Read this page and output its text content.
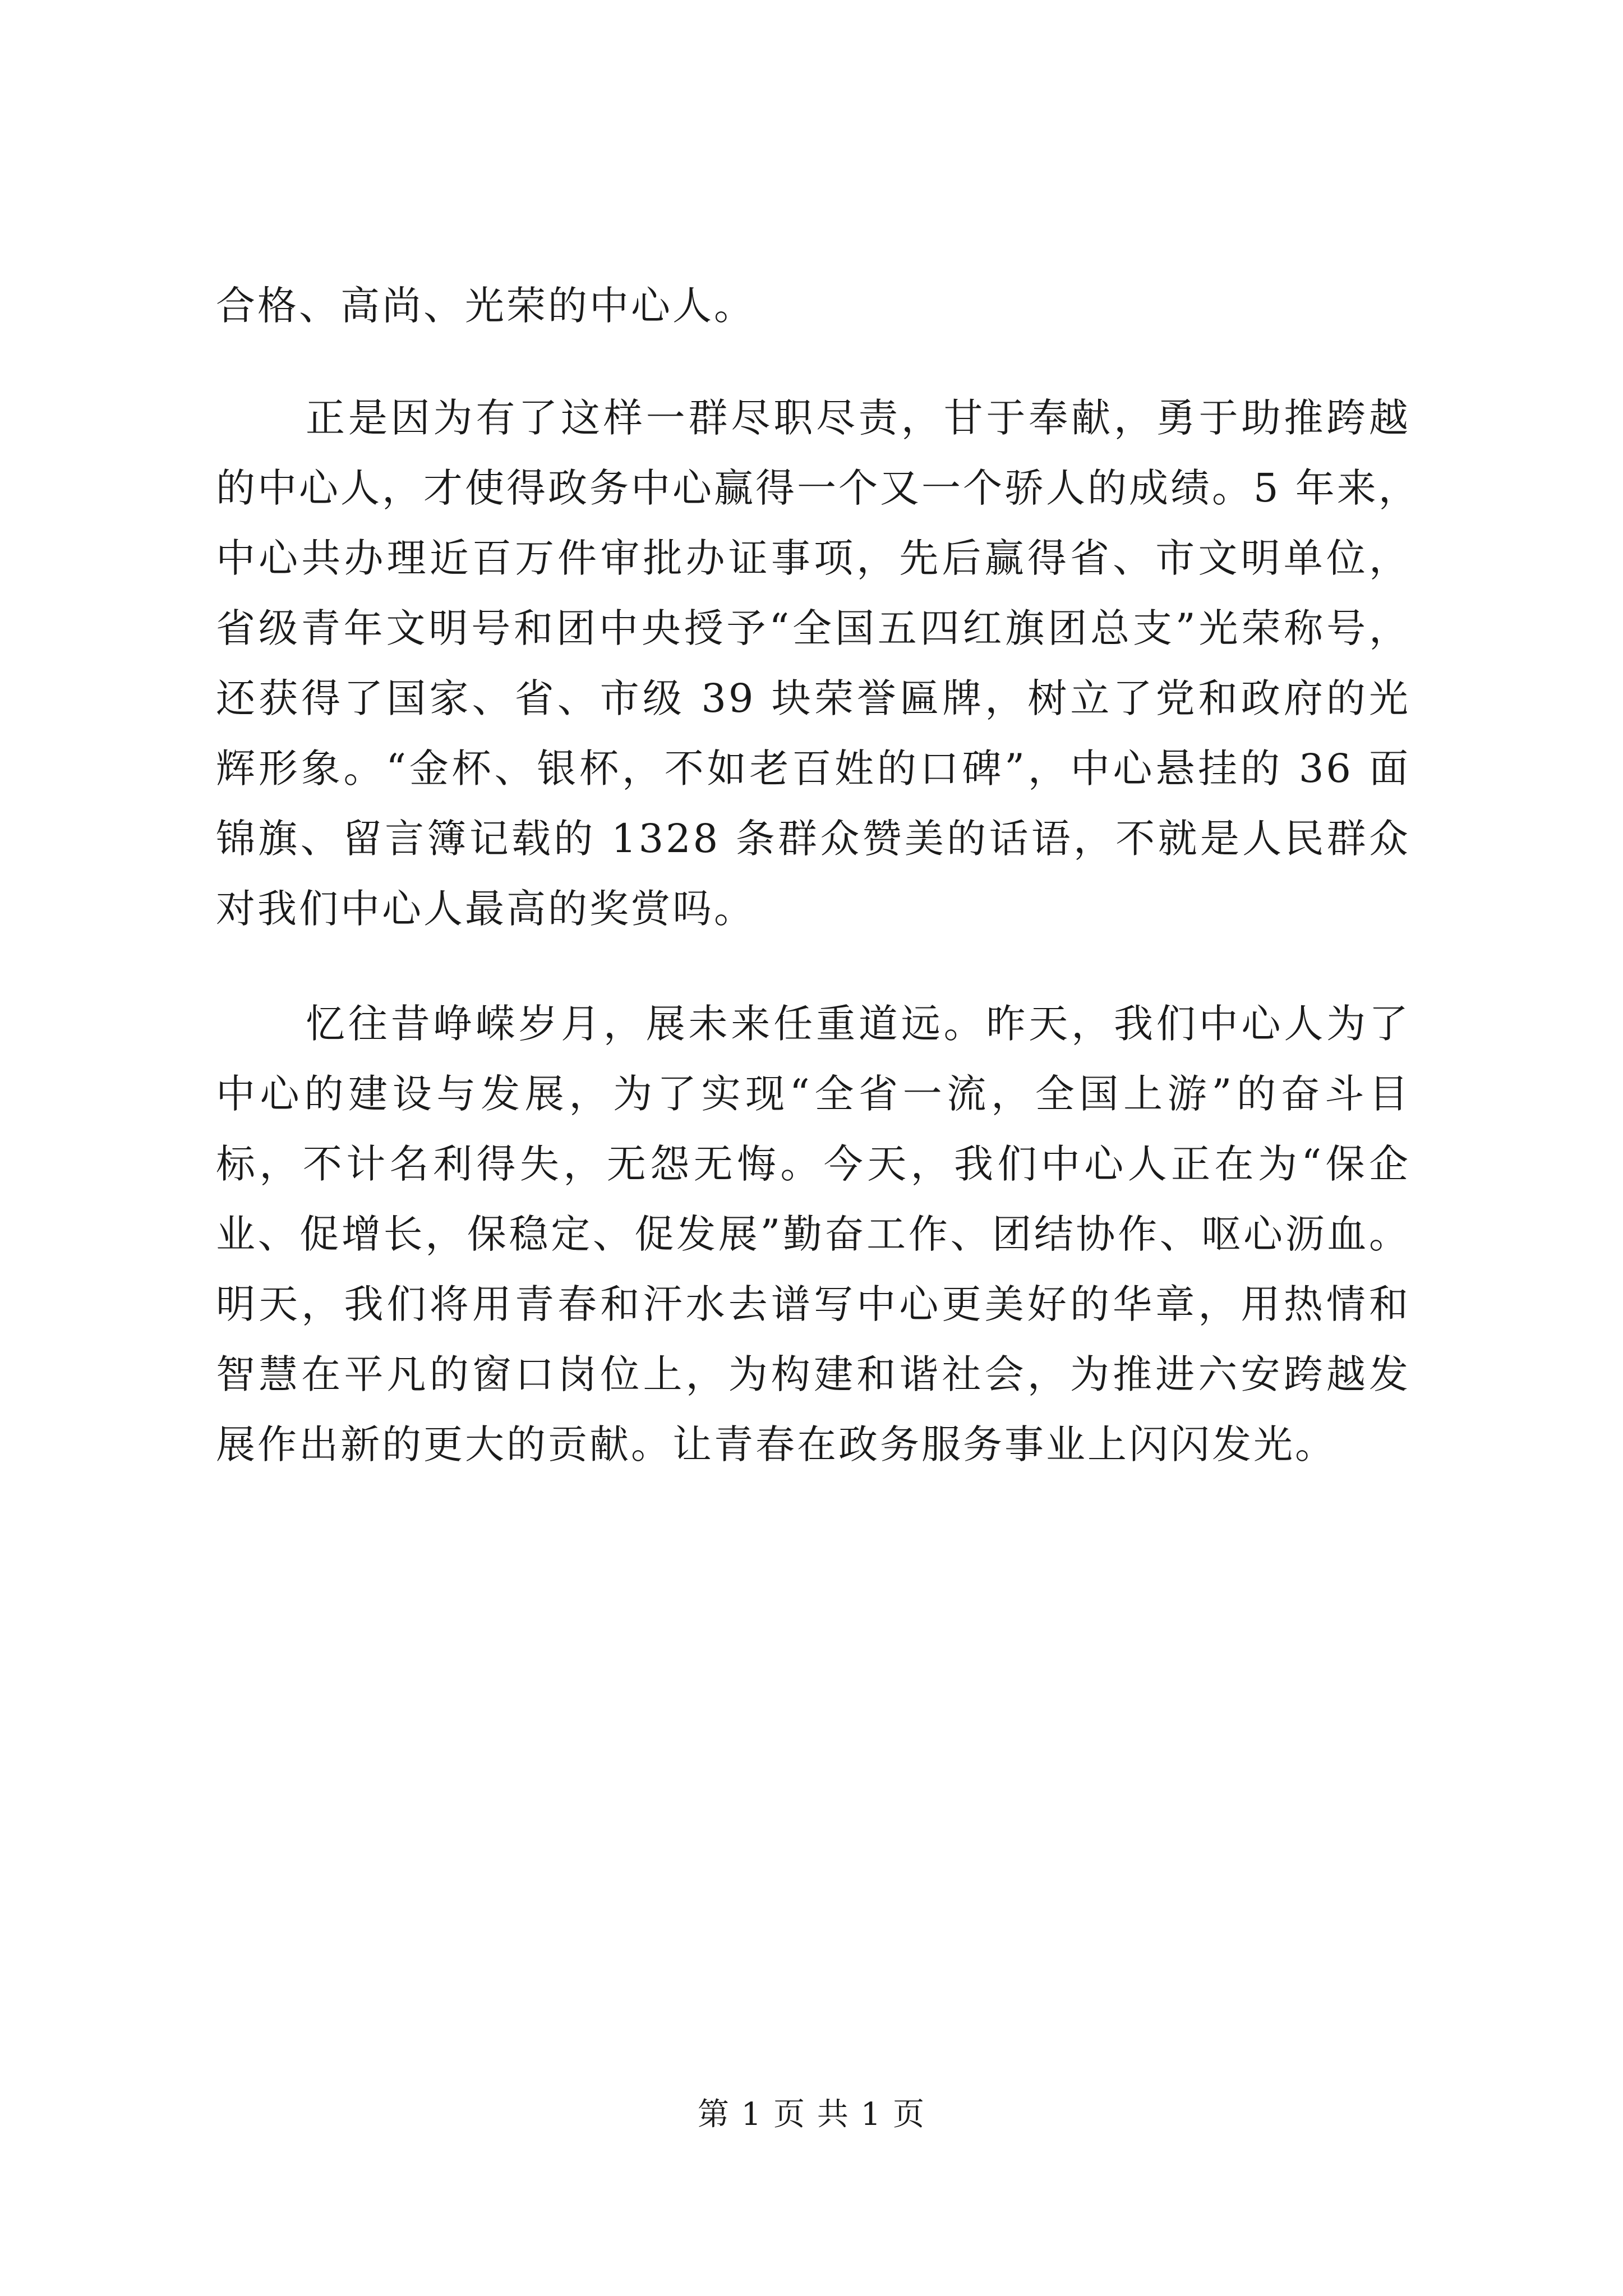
合格、高尚、光荣的中心人。
正是因为有了这样一群尽职尽责，甘于奉献，勇于助推跨越
的中心人，才使得政务中心赢得一个又一个骄人的成绩。5 年来，
中心共办理近百万件审批办证事项，先后赢得省、市文明单位，
省级青年文明号和团中央授予“全国五四红旗团总支”光荣称号，
还获得了国家、省、市级 39 块荣誉匾牌，树立了党和政府的光
辉形象。“金杯、银杯，不如老百姓的口碑”，中心悬挂的 36 面
锦旗、留言簿记载的 1328 条群众赞美的话语，不就是人民群众
对我们中心人最高的奖赏吗。
忆往昔峥嵘岁月，展未来任重道远。昨天，我们中心人为了
中心的建设与发展，为了实现“全省一流，全国上游”的奋斗目
标，不计名利得失，无怨无悔。今天，我们中心人正在为“保企
业、促增长，保稳定、促发展”勤奋工作、团结协作、呕心沥血。
明天，我们将用青春和汗水去谱写中心更美好的华章，用热情和
智慧在平凡的窗口岗位上，为构建和谐社会，为推进六安跨越发
展作出新的更大的贡献。让青春在政务服务事业上闪闪发光。
第 1 页 共 1 页
